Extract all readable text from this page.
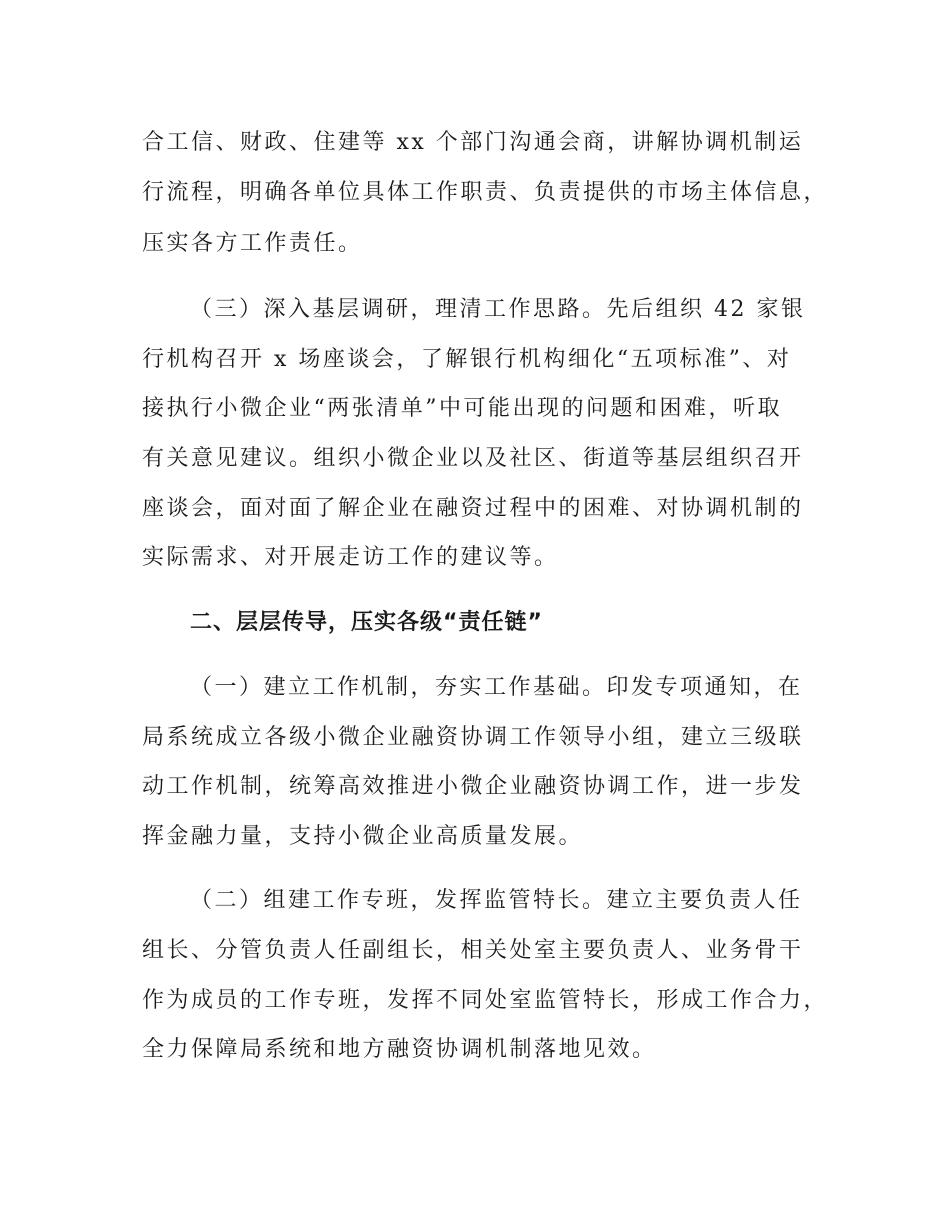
合工信、财政、住建等 xx 个部门沟通会商，讲解协调机制运
行流程，明确各单位具体工作职责、负责提供的市场主体信息，
压实各方工作责任。
（三）深入基层调研，理清工作思路。先后组织 42 家银
行机构召开 x 场座谈会，了解银行机构细化“五项标准”、对
接执行小微企业“两张清单”中可能出现的问题和困难，听取
有关意见建议。组织小微企业以及社区、街道等基层组织召开
座谈会，面对面了解企业在融资过程中的困难、对协调机制的
实际需求、对开展走访工作的建议等。
二、层层传导，压实各级“责任链”
（一）建立工作机制，夯实工作基础。印发专项通知，在
局系统成立各级小微企业融资协调工作领导小组，建立三级联
动工作机制，统筹高效推进小微企业融资协调工作，进一步发
挥金融力量，支持小微企业高质量发展。
（二）组建工作专班，发挥监管特长。建立主要负责人任
组长、分管负责人任副组长，相关处室主要负责人、业务骨干
作为成员的工作专班，发挥不同处室监管特长，形成工作合力，
全力保障局系统和地方融资协调机制落地见效。
